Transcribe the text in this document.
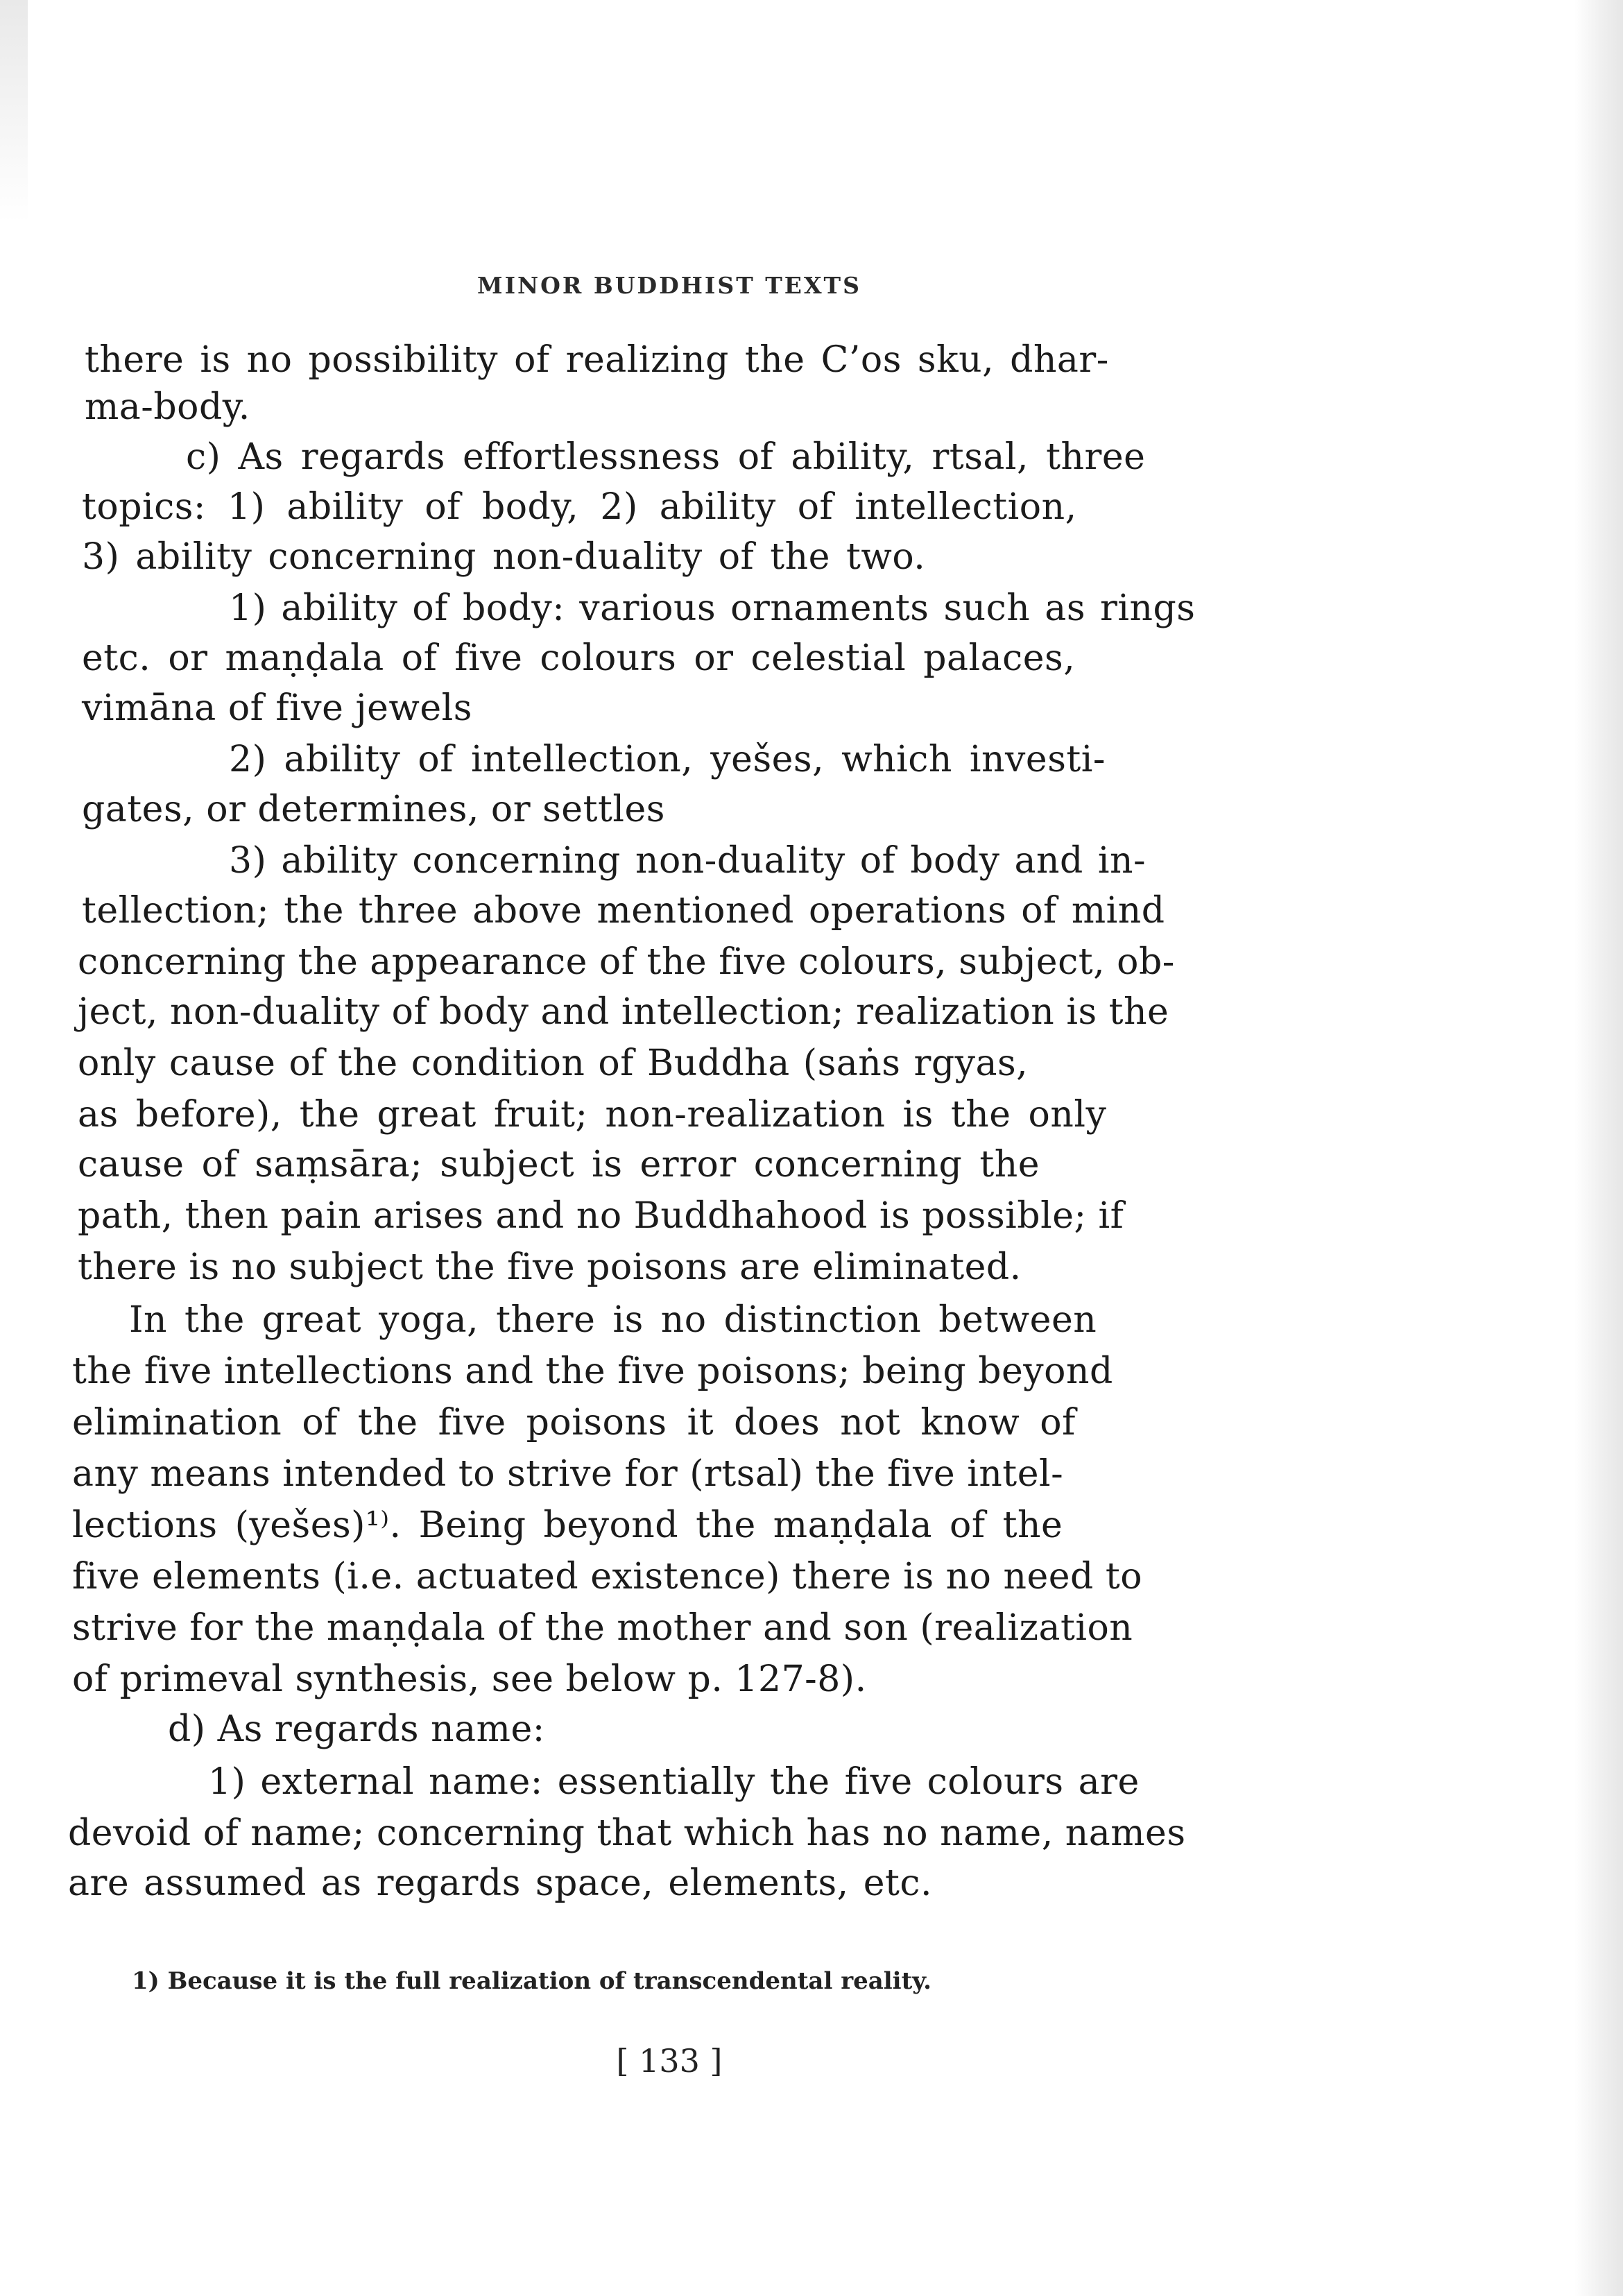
MINOR BUDDHIST TEXTS

there is no possibility of realizing the C’os sku, dhar-

ma-body.

c) As regards effortlessness of ability, rtsal, three

topics: 1) ability of body, 2) ability of intellection,

3) ability concerning non-duality of the two.

1) ability of body: various ornaments such as rings

etc. or maṇḍala of five colours or celestial palaces,

vimāna of five jewels

2) ability of intellection, yešes, which investi-

gates, or determines, or settles

3) ability concerning non-duality of body and in-

tellection; the three above mentioned operations of mind

concerning the appearance of the five colours, subject, ob-

ject, non-duality of body and intellection; realization is the

only cause of the condition of Buddha (saṅs rgyas,

as before), the great fruit; non-realization is the only

cause of saṃsāra; subject is error concerning the

path, then pain arises and no Buddhahood is possible; if

there is no subject the five poisons are eliminated.

In the great yoga, there is no distinction between

the five intellections and the five poisons; being beyond

elimination of the five poisons it does not know of

any means intended to strive for (rtsal) the five intel-

lections (yešes)¹⁾. Being beyond the maṇḍala of the

five elements (i.e. actuated existence) there is no need to

strive for the maṇḍala of the mother and son (realization

of primeval synthesis, see below p. 127-8).

d) As regards name:

1) external name: essentially the five colours are

devoid of name; concerning that which has no name, names

are assumed as regards space, elements, etc.

1) Because it is the full realization of transcendental reality.
[ 133 ]
